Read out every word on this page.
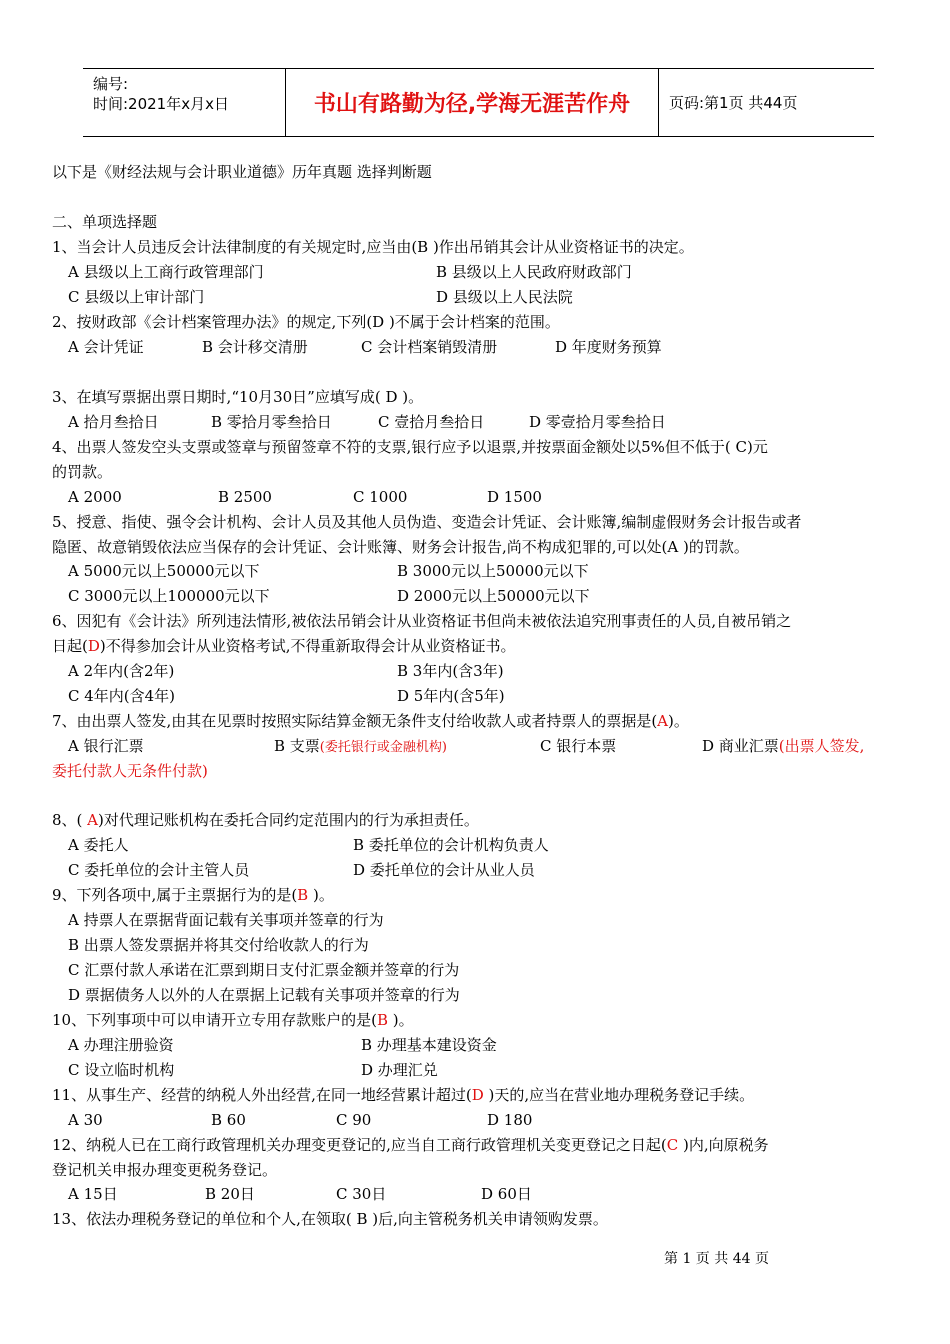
编号:
时间:2021年x月x日	书山有路勤为径,学海无涯苦作舟	页码:第1页 共44页
以下是《财经法规与会计职业道德》历年真题 选择判断题
二、单项选择题
1、当会计人员违反会计法律制度的有关规定时,应当由(B )作出吊销其会计从业资格证书的决定。
A 县级以上工商行政管理部门	B 县级以上人民政府财政部门
C 县级以上审计部门	D 县级以上人民法院
2、按财政部《会计档案管理办法》的规定,下列(D )不属于会计档案的范围。
A 会计凭证	B 会计移交清册	C 会计档案销毁清册	D 年度财务预算
3、在填写票据出票日期时,“10月30日”应填写成( D )。
A 拾月叁拾日	B 零拾月零叁拾日	C 壹拾月叁拾日	D 零壹拾月零叁拾日
4、出票人签发空头支票或签章与预留签章不符的支票,银行应予以退票,并按票面金额处以5%但不低于( C)元
的罚款。
A 2000	B 2500	C 1000	D 1500
5、授意、指使、强令会计机构、会计人员及其他人员伪造、变造会计凭证、会计账簿,编制虚假财务会计报告或者
隐匿、故意销毁依法应当保存的会计凭证、会计账簿、财务会计报告,尚不构成犯罪的,可以处(A )的罚款。
A 5000元以上50000元以下	B 3000元以上50000元以下
C 3000元以上100000元以下	D 2000元以上50000元以下
6、因犯有《会计法》所列违法情形,被依法吊销会计从业资格证书但尚未被依法追究刑事责任的人员,自被吊销之
日起(D)不得参加会计从业资格考试,不得重新取得会计从业资格证书。
A 2年内(含2年)	B 3年内(含3年)
C 4年内(含4年)	D 5年内(含5年)
7、由出票人签发,由其在见票时按照实际结算金额无条件支付给收款人或者持票人的票据是(A)。
A 银行汇票	B 支票(委托银行或金融机构)	C 银行本票	D 商业汇票(出票人签发,
委托付款人无条件付款)
8、( A)对代理记账机构在委托合同约定范围内的行为承担责任。
A 委托人	B 委托单位的会计机构负责人
C 委托单位的会计主管人员	D 委托单位的会计从业人员
9、下列各项中,属于主票据行为的是(B )。
A 持票人在票据背面记载有关事项并签章的行为
B 出票人签发票据并将其交付给收款人的行为
C 汇票付款人承诺在汇票到期日支付汇票金额并签章的行为
D 票据债务人以外的人在票据上记载有关事项并签章的行为
10、下列事项中可以申请开立专用存款账户的是(B )。
A 办理注册验资	B 办理基本建设资金
C 设立临时机构	D 办理汇兑
11、从事生产、经营的纳税人外出经营,在同一地经营累计超过(D )天的,应当在营业地办理税务登记手续。
A 30	B 60	C 90	D 180
12、纳税人已在工商行政管理机关办理变更登记的,应当自工商行政管理机关变更登记之日起(C )内,向原税务
登记机关申报办理变更税务登记。
A 15日	B 20日	C 30日	D 60日
13、依法办理税务登记的单位和个人,在领取( B )后,向主管税务机关申请领购发票。
第 1 页 共 44 页
